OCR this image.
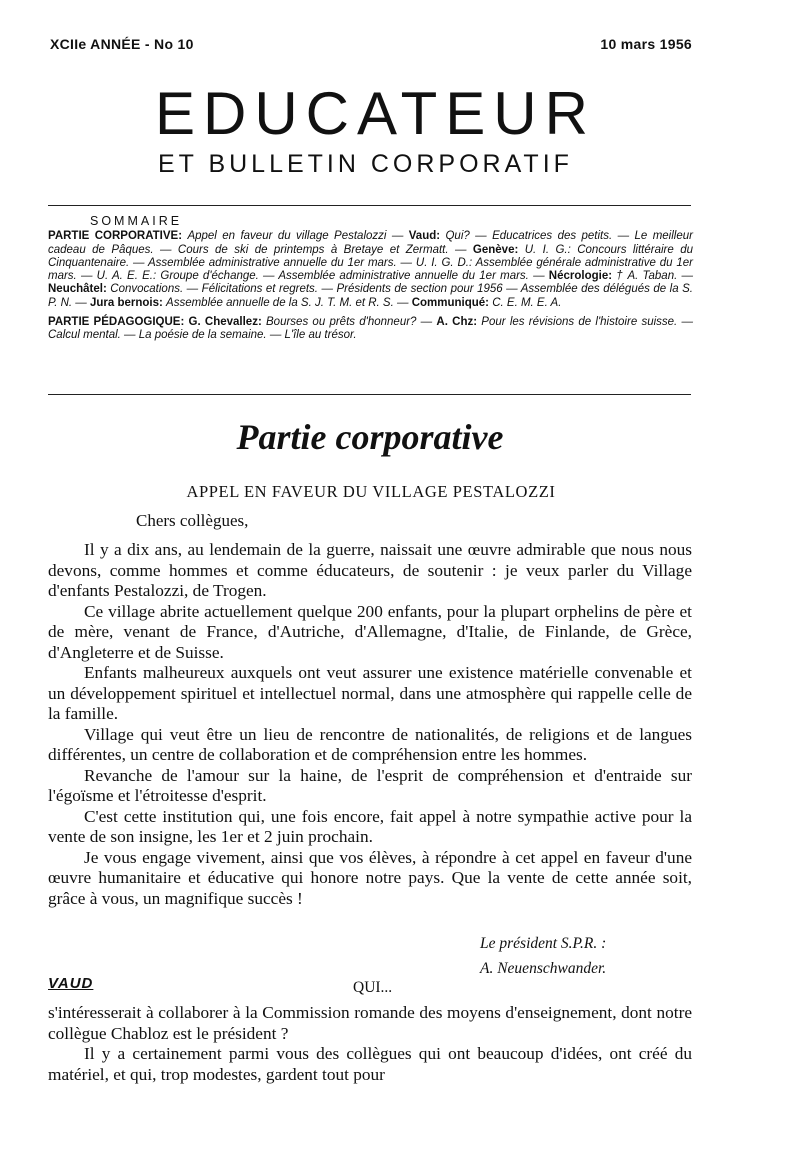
XCIIe ANNÉE - No 10	10 mars 1956
EDUCATEUR
ET BULLETIN CORPORATIF
SOMMAIRE

PARTIE CORPORATIVE: Appel en faveur du village Pestalozzi — Vaud: Qui? — Educatrices des petits. — Le meilleur cadeau de Pâques. — Cours de ski de printemps à Bretaye et Zermatt. — Genève: U. I. G.: Concours littéraire du Cinquantenaire. — Assemblée administrative annuelle du 1er mars. — U. I. G. D.: Assemblée générale administrative du 1er mars. — U. A. E. E.: Groupe d'échange. — Assemblée administrative annuelle du 1er mars. — Nécrologie: † A. Taban. — Neuchâtel: Convocations. — Félicitations et regrets. — Présidents de section pour 1956 — Assemblée des délégués de la S. P. N. — Jura bernois: Assemblée annuelle de la S. J. T. M. et R. S. — Communiqué: C. E. M. E. A.

PARTIE PÉDAGOGIQUE: G. Chevallez: Bourses ou prêts d'honneur? — A. Chz: Pour les révisions de l'histoire suisse. — Calcul mental. — La poésie de la semaine. — L'île au trésor.

Partie corporative
APPEL EN FAVEUR DU VILLAGE PESTALOZZI
Chers collègues,

Il y a dix ans, au lendemain de la guerre, naissait une œuvre admirable que nous nous devons, comme hommes et comme éducateurs, de soutenir : je veux parler du Village d'enfants Pestalozzi, de Trogen.

Ce village abrite actuellement quelque 200 enfants, pour la plupart orphelins de père et de mère, venant de France, d'Autriche, d'Allemagne, d'Italie, de Finlande, de Grèce, d'Angleterre et de Suisse.

Enfants malheureux auxquels ont veut assurer une existence matérielle convenable et un développement spirituel et intellectuel normal, dans une atmosphère qui rappelle celle de la famille.

Village qui veut être un lieu de rencontre de nationalités, de religions et de langues différentes, un centre de collaboration et de compréhension entre les hommes.

Revanche de l'amour sur la haine, de l'esprit de compréhension et d'entraide sur l'égoïsme et l'étroitesse d'esprit.

C'est cette institution qui, une fois encore, fait appel à notre sympathie active pour la vente de son insigne, les 1er et 2 juin prochain.

Je vous engage vivement, ainsi que vos élèves, à répondre à cet appel en faveur d'une œuvre humanitaire et éducative qui honore notre pays. Que la vente de cette année soit, grâce à vous, un magnifique succès !

Le président S.P.R. :
A. Neuenschwander.
VAUD	QUI...

s'intéresserait à collaborer à la Commission romande des moyens d'enseignement, dont notre collègue Chabloz est le président ?

Il y a certainement parmi vous des collègues qui ont beaucoup d'idées, ont créé du matériel, et qui, trop modestes, gardent tout pour
